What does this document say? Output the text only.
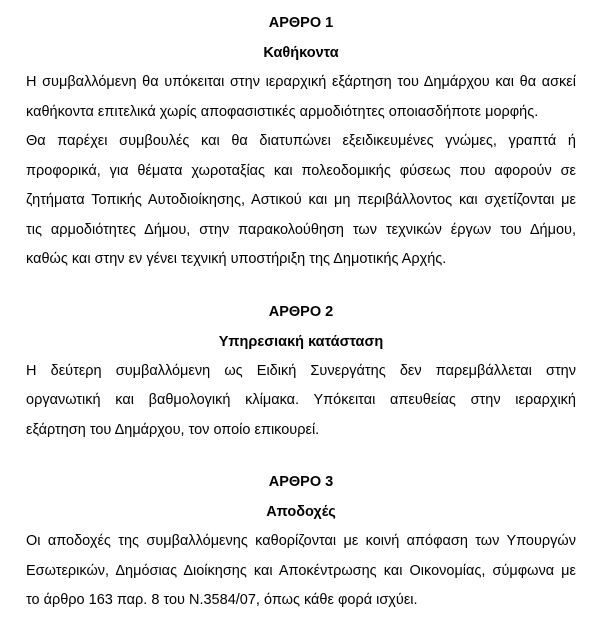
ΑΡΘΡΟ 1
Καθήκοντα

Η συμβαλλόμενη θα υπόκειται στην ιεραρχική εξάρτηση του Δημάρχου και θα ασκεί
καθήκοντα επιτελικά χωρίς αποφασιστικές αρμοδιότητες οποιασδήποτε μορφής.
Θα παρέχει συμβουλές και θα διατυπώνει εξειδικευμένες γνώμες, γραπτά ή
προφορικά, για θέματα χωροταξίας και πολεοδομικής φύσεως που αφορούν σε
ζητήματα Τοπικής Αυτοδιοίκησης, Αστικού και μη περιβάλλοντος και σχετίζονται με
τις αρμοδιότητες Δήμου, στην παρακολούθηση των τεχνικών έργων του Δήμου,
καθώς και στην εν γένει τεχνική υποστήριξη της Δημοτικής Αρχής.

ΑΡΘΡΟ 2
Υπηρεσιακή κατάσταση

Η δεύτερη συμβαλλόμενη ως Ειδική Συνεργάτης δεν παρεμβάλλεται στην
οργανωτική και βαθμολογική κλίμακα. Υπόκειται απευθείας στην ιεραρχική
εξάρτηση του Δημάρχου, τον οποίο επικουρεί.

ΑΡΘΡΟ 3
Αποδοχές

Οι αποδοχές της συμβαλλόμενης καθορίζονται με κοινή απόφαση των Υπουργών
Εσωτερικών, Δημόσιας Διοίκησης και Αποκέντρωσης και Οικονομίας, σύμφωνα με
το άρθρο 163 παρ. 8 του Ν.3584/07, όπως κάθε φορά ισχύει.
